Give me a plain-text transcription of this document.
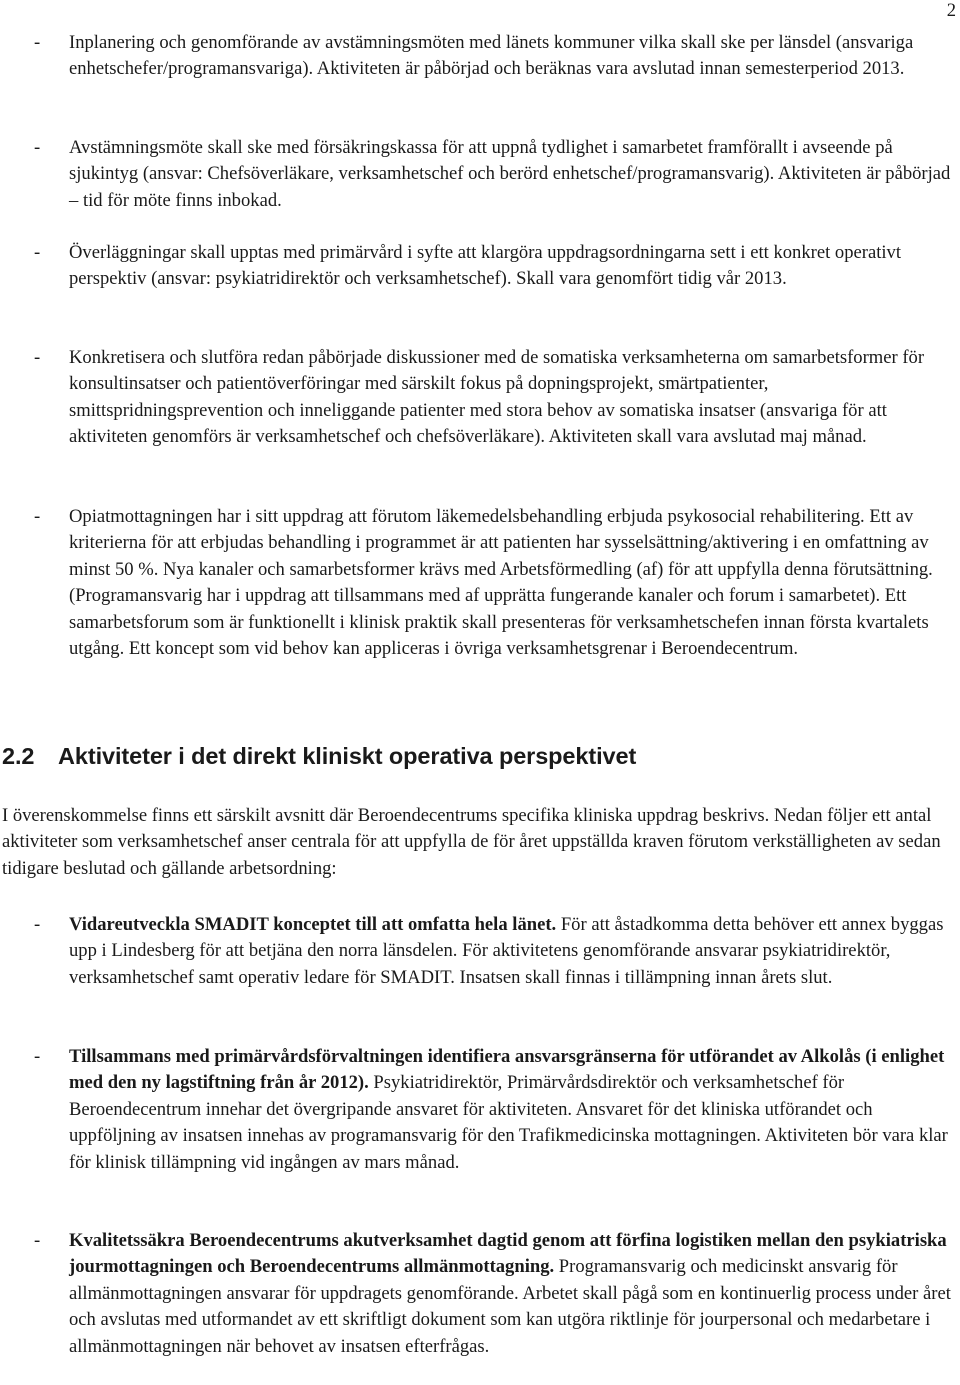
2
- Inplanering och genomförande av avstämningsmöten med länets kommuner vilka skall ske per länsdel (ansvariga enhetschefer/programansvariga). Aktiviteten är påbörjad och beräknas vara avslutad innan semesterperiod 2013.
- Avstämningsmöte skall ske med försäkringskassa för att uppnå tydlighet i samarbetet framförallt i avseende på sjukintyg (ansvar: Chefsöverläkare, verksamhetschef och berörd enhetschef/programansvarig). Aktiviteten är påbörjad – tid för möte finns inbokad.
- Överläggningar skall upptas med primärvård i syfte att klargöra uppdragsordningarna sett i ett konkret operativt perspektiv (ansvar: psykiatridirektör och verksamhetschef). Skall vara genomfört tidig vår 2013.
- Konkretisera och slutföra redan påbörjade diskussioner med de somatiska verksamheterna om samarbetsformer för konsultinsatser och patientöverföringar med särskilt fokus på dopningsprojekt, smärtpatienter, smittspridningsprevention och inneliggande patienter med stora behov av somatiska insatser (ansvariga för att aktiviteten genomförs är verksamhetschef och chefsöverläkare). Aktiviteten skall vara avslutad maj månad.
- Opiatmottagningen har i sitt uppdrag att förutom läkemedelsbehandling erbjuda psykosocial rehabilitering. Ett av kriterierna för att erbjudas behandling i programmet är att patienten har sysselsättning/aktivering i en omfattning av minst 50 %. Nya kanaler och samarbetsformer krävs med Arbetsförmedling (af) för att uppfylla denna förutsättning. (Programansvarig har i uppdrag att tillsammans med af upprätta fungerande kanaler och forum i samarbetet). Ett samarbetsforum som är funktionellt i klinisk praktik skall presenteras för verksamhetschefen innan första kvartalets utgång. Ett koncept som vid behov kan appliceras i övriga verksamhetsgrenar i Beroendecentrum.
2.2 Aktiviteter i det direkt kliniskt operativa perspektivet
I överenskommelse finns ett särskilt avsnitt där Beroendecentrums specifika kliniska uppdrag beskrivs. Nedan följer ett antal aktiviteter som verksamhetschef anser centrala för att uppfylla de för året uppställda kraven förutom verkställigheten av sedan tidigare beslutad och gällande arbetsordning:
- Vidareutveckla SMADIT konceptet till att omfatta hela länet. För att åstadkomma detta behöver ett annex byggas upp i Lindesberg för att betjäna den norra länsdelen. För aktivitetens genomförande ansvarar psykiatridirektör, verksamhetschef samt operativ ledare för SMADIT. Insatsen skall finnas i tillämpning innan årets slut.
- Tillsammans med primärvårdsförvaltningen identifiera ansvarsgränserna för utförandet av Alkolås (i enlighet med den ny lagstiftning från år 2012). Psykiatridirektör, Primärvårdsdirektör och verksamhetschef för Beroendecentrum innehar det övergripande ansvaret för aktiviteten. Ansvaret för det kliniska utförandet och uppföljning av insatsen innehas av programansvarig för den Trafikmedicinska mottagningen. Aktiviteten bör vara klar för klinisk tillämpning vid ingången av mars månad.
- Kvalitetssäkra Beroendecentrums akutverksamhet dagtid genom att förfina logistiken mellan den psykiatriska jourmottagningen och Beroendecentrums allmänmottagning. Programansvarig och medicinskt ansvarig för allmänmottagningen ansvarar för uppdragets genomförande. Arbetet skall pågå som en kontinuerlig process under året och avslutas med utformandet av ett skriftligt dokument som kan utgöra riktlinje för jourpersonal och medarbetare i allmänmottagningen när behovet av insatsen efterfrågas.
